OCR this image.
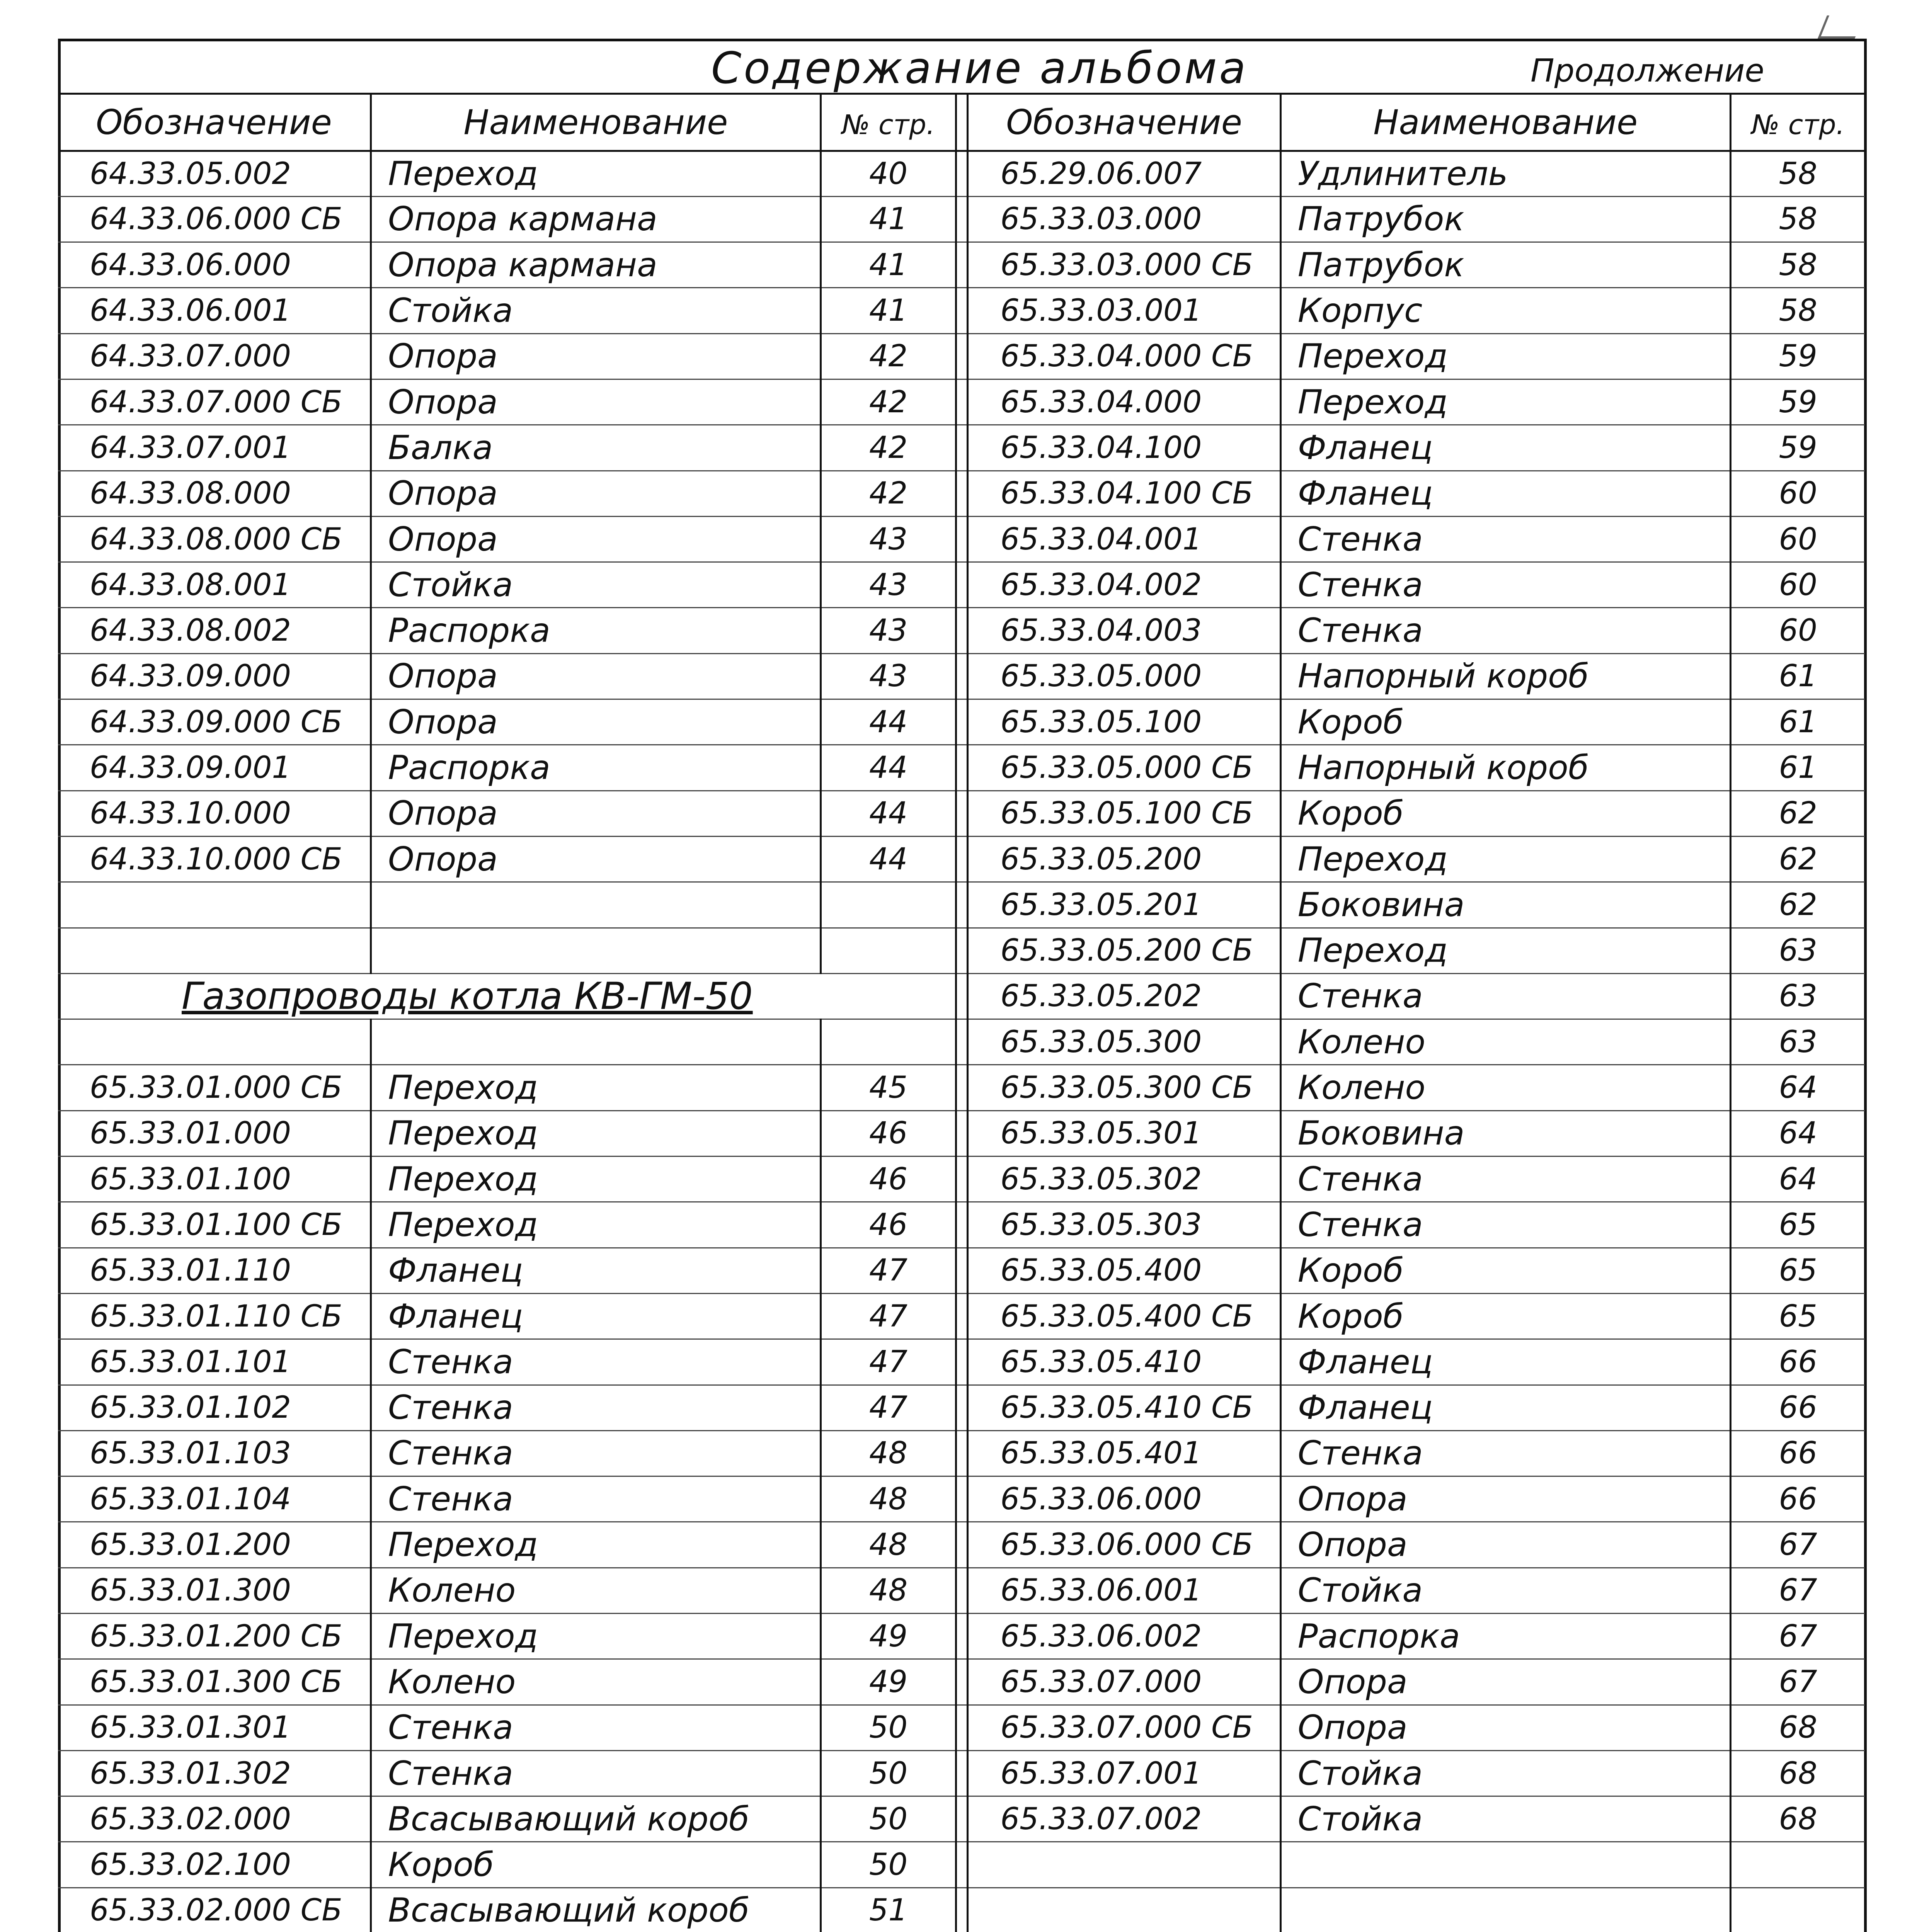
Содержание альбома	Продолжение
Обозначение	Наименование	№ стр.		Обозначение	Наименование	№ стр.
64.33.05.002	Переход	40		65.29.06.007	Удлинитель	58
64.33.06.000 СБ	Опора кармана	41		65.33.03.000	Патрубок	58
64.33.06.000	Опора кармана	41		65.33.03.000 СБ	Патрубок	58
64.33.06.001	Стойка	41		65.33.03.001	Корпус	58
64.33.07.000	Опора	42		65.33.04.000 СБ	Переход	59
64.33.07.000 СБ	Опора	42		65.33.04.000	Переход	59
64.33.07.001	Балка	42		65.33.04.100	Фланец	59
64.33.08.000	Опора	42		65.33.04.100 СБ	Фланец	60
64.33.08.000 СБ	Опора	43		65.33.04.001	Стенка	60
64.33.08.001	Стойка	43		65.33.04.002	Стенка	60
64.33.08.002	Распорка	43		65.33.04.003	Стенка	60
64.33.09.000	Опора	43		65.33.05.000	Напорный короб	61
64.33.09.000 СБ	Опора	44		65.33.05.100	Короб	61
64.33.09.001	Распорка	44		65.33.05.000 СБ	Напорный короб	61
64.33.10.000	Опора	44		65.33.05.100 СБ	Короб	62
64.33.10.000 СБ	Опора	44		65.33.05.200	Переход	62
				65.33.05.201	Боковина	62
				65.33.05.200 СБ	Переход	63
Газопроводы котла КВ-ГМ-50				65.33.05.202	Стенка	63
				65.33.05.300	Колено	63
65.33.01.000 СБ	Переход	45		65.33.05.300 СБ	Колено	64
65.33.01.000	Переход	46		65.33.05.301	Боковина	64
65.33.01.100	Переход	46		65.33.05.302	Стенка	64
65.33.01.100 СБ	Переход	46		65.33.05.303	Стенка	65
65.33.01.110	Фланец	47		65.33.05.400	Короб	65
65.33.01.110 СБ	Фланец	47		65.33.05.400 СБ	Короб	65
65.33.01.101	Стенка	47		65.33.05.410	Фланец	66
65.33.01.102	Стенка	47		65.33.05.410 СБ	Фланец	66
65.33.01.103	Стенка	48		65.33.05.401	Стенка	66
65.33.01.104	Стенка	48		65.33.06.000	Опора	66
65.33.01.200	Переход	48		65.33.06.000 СБ	Опора	67
65.33.01.300	Колено	48		65.33.06.001	Стойка	67
65.33.01.200 СБ	Переход	49		65.33.06.002	Распорка	67
65.33.01.300 СБ	Колено	49		65.33.07.000	Опора	67
65.33.01.301	Стенка	50		65.33.07.000 СБ	Опора	68
65.33.01.302	Стенка	50		65.33.07.001	Стойка	68
65.33.02.000	Всасывающий короб	50		65.33.07.002	Стойка	68
65.33.02.100	Короб	50				
65.33.02.000 СБ	Всасывающий короб	51				
